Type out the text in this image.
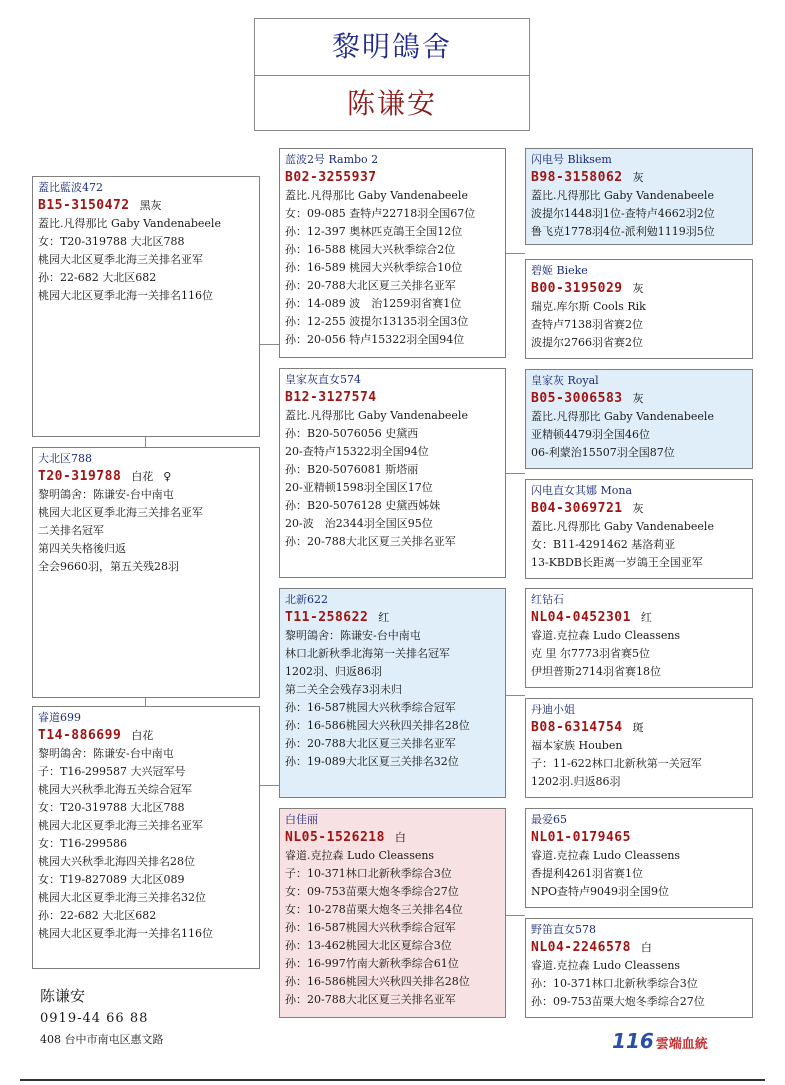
黎明鴿舍
陈谦安
蓋比藍波472
B15-3150472 黑灰
蓋比.凡得那比 Gaby Vandenabeele
女：T20-319788 大北区788
桃园大北区夏季北海三关排名亚军
孙：22-682 大北区682
桃园大北区夏季北海一关排名116位
大北区788
T20-319788 白花 ♀
黎明鴿舍：陈谦安-台中南屯
桃园大北区夏季北海三关排名亚军
二关排名冠军
第四关失格後归返
全会9660羽，第五关残28羽
睿道699
T14-886699 白花
黎明鴿舍：陈谦安-台中南屯
子：T16-299587 大兴冠军号
桃园大兴秋季北海五关综合冠军
女：T20-319788 大北区788
桃园大北区夏季北海三关排名亚军
女：T16-299586
桃园大兴秋季北海四关排名28位
女：T19-827089 大北区089
桃园大北区夏季北海三关排名32位
孙：22-682 大北区682
桃园大北区夏季北海一关排名116位
蓝波2号 Rambo 2
B02-3255937
蓋比.凡得那比 Gaby Vandenabeele
女：09-085 查特卢22718羽全国67位
孙：12-397 奥林匹克鴿王全国12位
孙：16-588 桃园大兴秋季综合2位
孙：16-589 桃园大兴秋季综合10位
孙：20-788大北区夏三关排名亚军
孙：14-089 波　治1259羽省赛1位
孙：12-255 波提尔13135羽全国3位
孙：20-056 特卢15322羽全国94位
皇家灰直女574
B12-3127574
蓋比.凡得那比 Gaby Vandenabeele
孙：B20-5076056 史黛西
20-查特卢15322羽全国94位
孙：B20-5076081 斯塔丽
20-亚精顿1598羽全国区17位
孙：B20-5076128 史黛西姊妹
20-波　治2344羽全国区95位
孙：20-788大北区夏三关排名亚军
北新622
T11-258622 红
黎明鴿舍：陈谦安-台中南屯
林口北新秋季北海第一关排名冠军
1202羽、归返86羽
第二关全会残存3羽未归
孙：16-587桃园大兴秋季综合冠军
孙：16-586桃园大兴秋四关排名28位
孙：20-788大北区夏三关排名亚军
孙：19-089大北区夏三关排名32位
白佳丽
NL05-1526218 白
睿道.克拉森 Ludo Cleassens
子：10-371林口北新秋季综合3位
女：09-753苗栗大炮冬季综合27位
女：10-278苗栗大炮冬三关排名4位
孙：16-587桃园大兴秋季综合冠军
孙：13-462桃园大北区夏综合3位
孙：16-997竹南大新秋季综合61位
孙：16-586桃园大兴秋四关排名28位
孙：20-788大北区夏三关排名亚军
闪电号 Bliksem
B98-3158062 灰
蓋比.凡得那比 Gaby Vandenabeele
波提尔1448羽1位-查特卢4662羽2位
鲁飞克1778羽4位-派利勉1119羽5位
碧姬 Bieke
B00-3195029 灰
瑞克.库尔斯 Cools Rik
查特卢7138羽省赛2位
波提尔2766羽省赛2位
皇家灰 Royal
B05-3006583 灰
蓋比.凡得那比 Gaby Vandenabeele
亚精顿4479羽全国46位
06-利蒙治15507羽全国87位
闪电直女其娜 Mona
B04-3069721 灰
蓋比.凡得那比 Gaby Vandenabeele
女：B11-4291462 基洛莉亚
13-KBDB长距离一岁鴿王全国亚军
红钻石
NL04-0452301 红
睿道.克拉森 Ludo Cleassens
克 里 尔7773羽省赛5位
伊坦普斯2714羽省赛18位
丹迪小姐
B08-6314754 斑
福本家族 Houben
子：11-622林口北新秋第一关冠军
1202羽.归返86羽
最爱65
NL01-0179465
睿道.克拉森 Ludo Cleassens
香提利4261羽省赛1位
NPO查特卢9049羽全国9位
野笛直女578
NL04-2246578 白
睿道.克拉森 Ludo Cleassens
孙：10-371林口北新秋季综合3位
孙：09-753苗栗大炮冬季综合27位
陈谦安
0919-44 66 88
408 台中市南屯区惠文路	116 雲端血統
